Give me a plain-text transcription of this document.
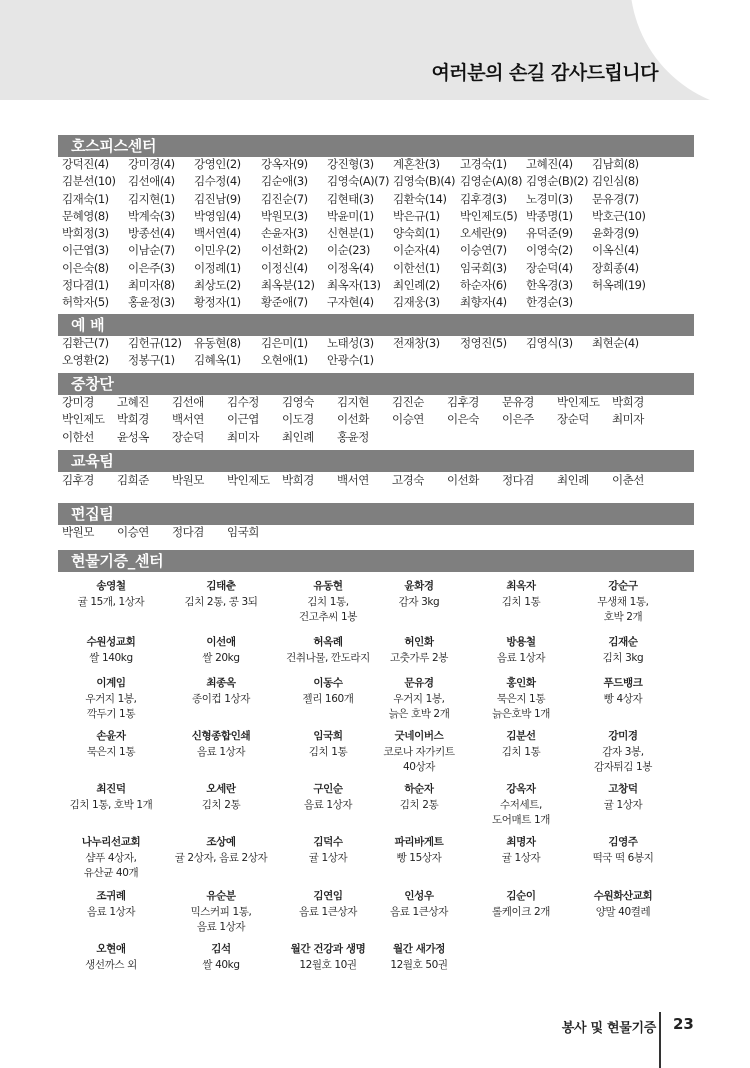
여러분의 손길 감사드립니다
호스피스센터
강덕진(4) 강미경(4) 강영인(2) 강옥자(9) 강진형(3) 계혼찬(3) 고경숙(1) 고혜진(4) 김남희(8)
김분선(10) 김선애(4) 김수정(4) 김순애(3) 김영숙(A)(7) 김영숙(B)(4) 김영순(A)(8) 김영순(B)(2) 김인심(8)
김재숙(1) 김지현(1) 김진남(9) 김진순(7) 김현태(3) 김환숙(14) 김후경(3) 노경미(3) 문유경(7)
문혜영(8) 박계숙(3) 박영임(4) 박원모(3) 박윤미(1) 박은규(1) 박인제도(5) 박종명(1) 박호근(10)
박희정(3) 방종선(4) 백서연(4) 손윤자(3) 신현분(1) 양숙희(1) 오세란(9) 유덕준(9) 윤화경(9)
이근엽(3) 이남순(7) 이민우(2) 이선화(2) 이순(23) 이순자(4) 이승연(7) 이영숙(2) 이옥신(4)
이은숙(8) 이은주(3) 이정례(1) 이정신(4) 이정옥(4) 이한선(1) 임국희(3) 장순덕(4) 장희종(4)
정다겸(1) 최미자(8) 최상도(2) 최옥분(12) 최옥자(13) 최인례(2) 하순자(6) 한옥경(3) 허옥례(19)
허학자(5) 홍윤정(3) 황정자(1) 황준애(7) 구자현(4) 김재웅(3) 최향자(4) 한경순(3)
예 배
김환근(7) 김헌규(12) 유동현(8) 김은미(1) 노태성(3) 전재창(3) 정영진(5) 김영식(3) 최현순(4)
오영환(2) 정봉구(1) 김혜옥(1) 오현애(1) 안광수(1)
중창단
강미경 고혜진 김선애 김수정 김영숙 김지현 김진순 김후경 문유경 박인제도 박희경
박인제도 박희경 백서연 이근엽 이도경 이선화 이승연 이은숙 이은주 장순덕 최미자
이한선 윤성옥 장순덕 최미자 최인례 홍윤정
교육팀
김후경 김희준 박원모 박인제도 박희경 백서연 고경숙 이선화 정다겸 최인례 이춘선
편집팀
박원모 이승연 정다겸 임국희
현물기증_센터
송영철
귤 15개, 1상자
김태춘
김치 2통, 콩 3되
유동현
김치 1통,
건고추씨 1봉
윤화경
감자 3kg
최옥자
김치 1통
강순구
무생채 1통,
호박 2개
수원성교회
쌀 140kg
이선애
쌀 20kg
허옥례
건취나물, 깐도라지
허인화
고춧가루 2봉
방용철
음료 1상자
김재순
김치 3kg
이계임
우거지 1봉,
깍두기 1통
최종옥
종이컵 1상자
이동수
젤리 160개
문유경
우거지 1봉,
늙은 호박 2개
홍인화
묵은지 1통
늙은호박 1개
푸드뱅크
빵 4상자
손윤자
묵은지 1통
신형종합인쇄
음료 1상자
임국희
김치 1통
굿네이버스
코로나 자가키트
40상자
김분선
김치 1통
강미경
감자 3봉,
감자튀김 1봉
최진덕
김치 1통, 호박 1개
오세란
김치 2통
구인순
음료 1상자
하순자
김치 2통
강옥자
수저세트,
도어매트 1개
고창덕
귤 1상자
나누리선교회
샴푸 4상자,
유산균 40개
조상예
귤 2상자, 음료 2상자
김덕수
귤 1상자
파리바게트
빵 15상자
최명자
귤 1상자
김영주
떡국 떡 6봉지
조귀례
음료 1상자
유순분
믹스커피 1통,
음료 1상자
김연임
음료 1큰상자
인성우
음료 1큰상자
김순이
롤케이크 2개
수원화산교회
양말 40켤레
오현애
생선까스 외
김석
쌀 40kg
월간 건강과 생명
12월호 10권
월간 새가정
12월호 50권
봉사 및 현물기증 23
